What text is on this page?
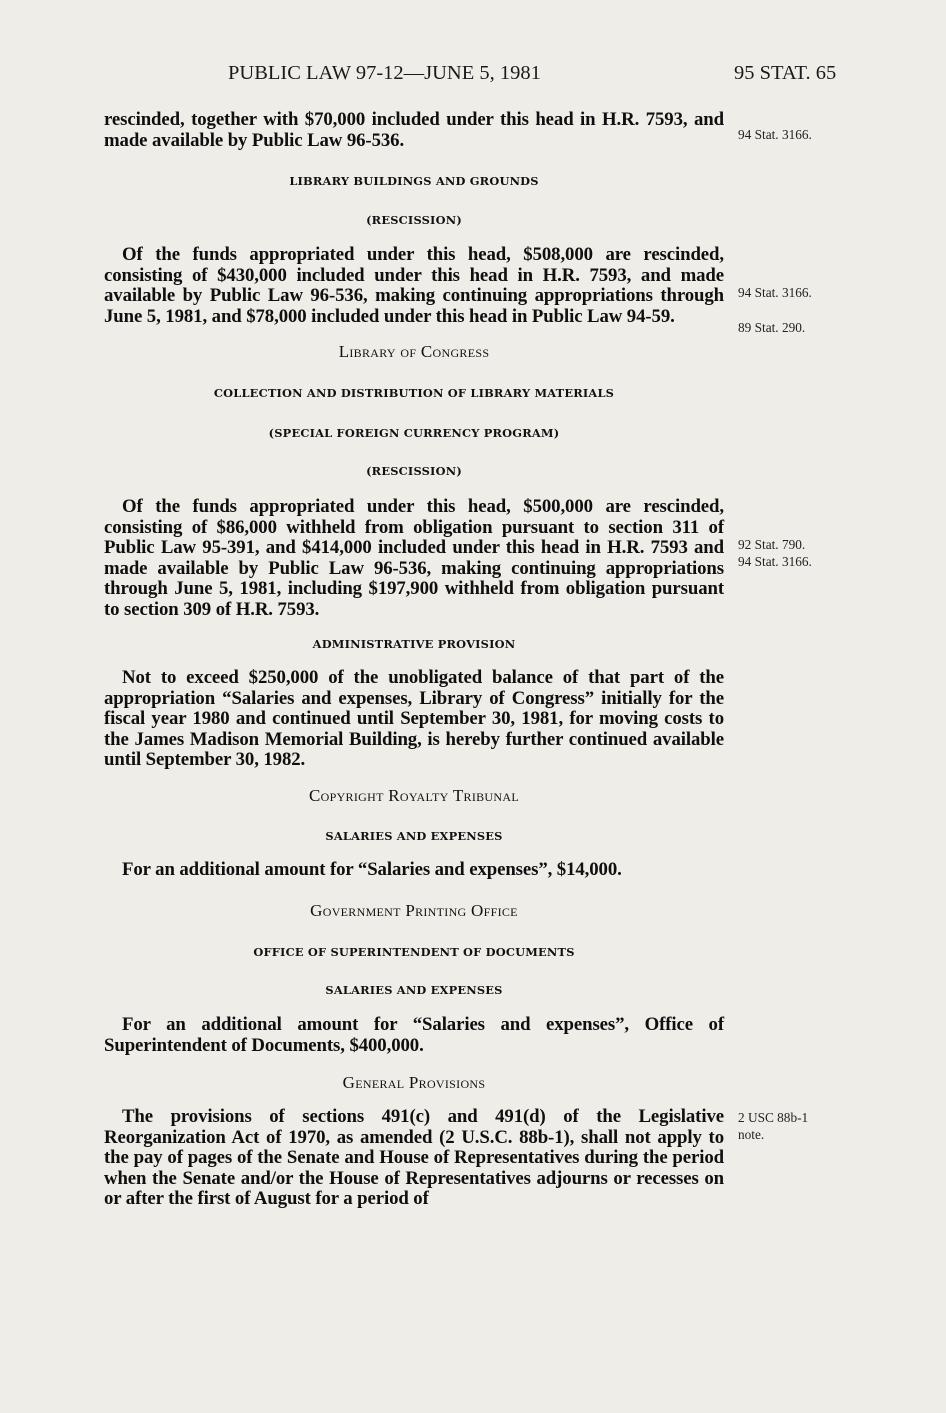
PUBLIC LAW 97-12—JUNE 5, 1981	95 STAT. 65

rescinded, together with $70,000 included under this head in H.R. 7593, and made available by Public Law 96-536.

LIBRARY BUILDINGS AND GROUNDS
(RESCISSION)

Of the funds appropriated under this head, $508,000 are rescinded, consisting of $430,000 included under this head in H.R. 7593, and made available by Public Law 96-536, making continuing appropriations through June 5, 1981, and $78,000 included under this head in Public Law 94-59.

Library of Congress
COLLECTION AND DISTRIBUTION OF LIBRARY MATERIALS
(SPECIAL FOREIGN CURRENCY PROGRAM)
(RESCISSION)

Of the funds appropriated under this head, $500,000 are rescinded, consisting of $86,000 withheld from obligation pursuant to section 311 of Public Law 95-391, and $414,000 included under this head in H.R. 7593 and made available by Public Law 96-536, making continuing appropriations through June 5, 1981, including $197,900 withheld from obligation pursuant to section 309 of H.R. 7593.

ADMINISTRATIVE PROVISION

Not to exceed $250,000 of the unobligated balance of that part of the appropriation “Salaries and expenses, Library of Congress” initially for the fiscal year 1980 and continued until September 30, 1981, for moving costs to the James Madison Memorial Building, is hereby further continued available until September 30, 1982.

Copyright Royalty Tribunal
SALARIES AND EXPENSES

For an additional amount for “Salaries and expenses”, $14,000.

Government Printing Office
OFFICE OF SUPERINTENDENT OF DOCUMENTS
SALARIES AND EXPENSES

For an additional amount for “Salaries and expenses”, Office of Superintendent of Documents, $400,000.

General Provisions

The provisions of sections 491(c) and 491(d) of the Legislative Reorganization Act of 1970, as amended (2 U.S.C. 88b-1), shall not apply to the pay of pages of the Senate and House of Representatives during the period when the Senate and/or the House of Representatives adjourns or recesses on or after the first of August for a period of

94 Stat. 3166.
94 Stat. 3166.
89 Stat. 290.
92 Stat. 790.
94 Stat. 3166.
2 USC 88b-1
note.
